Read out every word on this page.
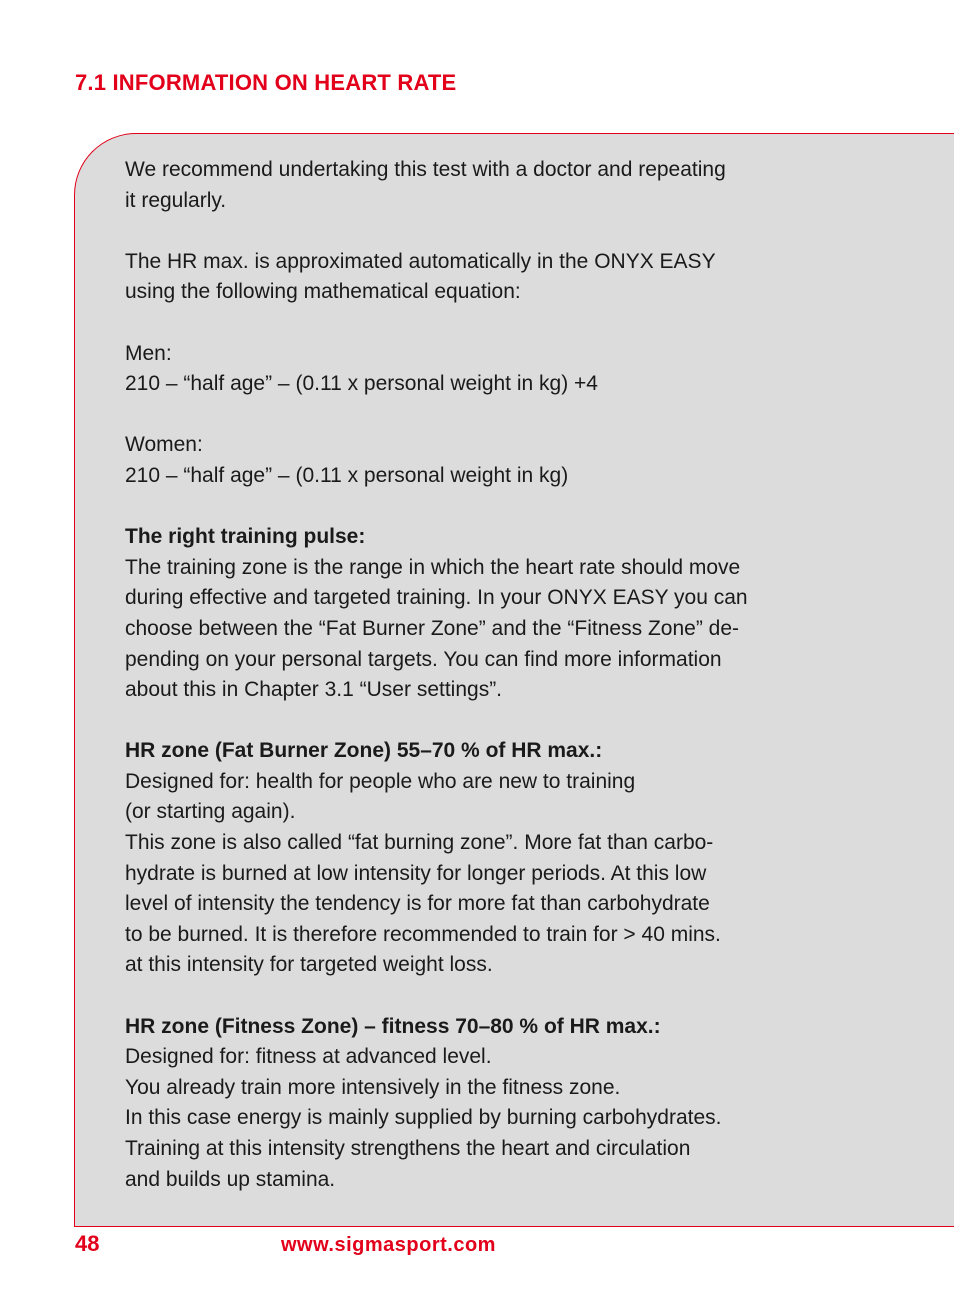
7.1 INFORMATION ON HEART RATE

We recommend undertaking this test with a doctor and repeating
it regularly.

The HR max. is approximated automatically in the ONYX EASY
using the following mathematical equation:

Men:
210 – “half age” – (0.11 x personal weight in kg) +4

Women:
210 – “half age” – (0.11 x personal weight in kg)

The right training pulse:
The training zone is the range in which the heart rate should move
during effective and targeted training. In your ONYX EASY you can
choose between the “Fat Burner Zone” and the “Fitness Zone” de-
pending on your personal targets. You can find more information
about this in Chapter 3.1 “User settings”.

HR zone (Fat Burner Zone) 55–70 % of HR max.:
Designed for: health for people who are new to training
(or starting again).
This zone is also called “fat burning zone”. More fat than carbo-
hydrate is burned at low intensity for longer periods. At this low
level of intensity the tendency is for more fat than carbohydrate
to be burned. It is therefore recommended to train for > 40 mins.
at this intensity for targeted weight loss.

HR zone (Fitness Zone) – fitness 70–80 % of HR max.:
Designed for: fitness at advanced level.
You already train more intensively in the fitness zone.
In this case energy is mainly supplied by burning carbohydrates.
Training at this intensity strengthens the heart and circulation
and builds up stamina.

48	www.sigmasport.com
